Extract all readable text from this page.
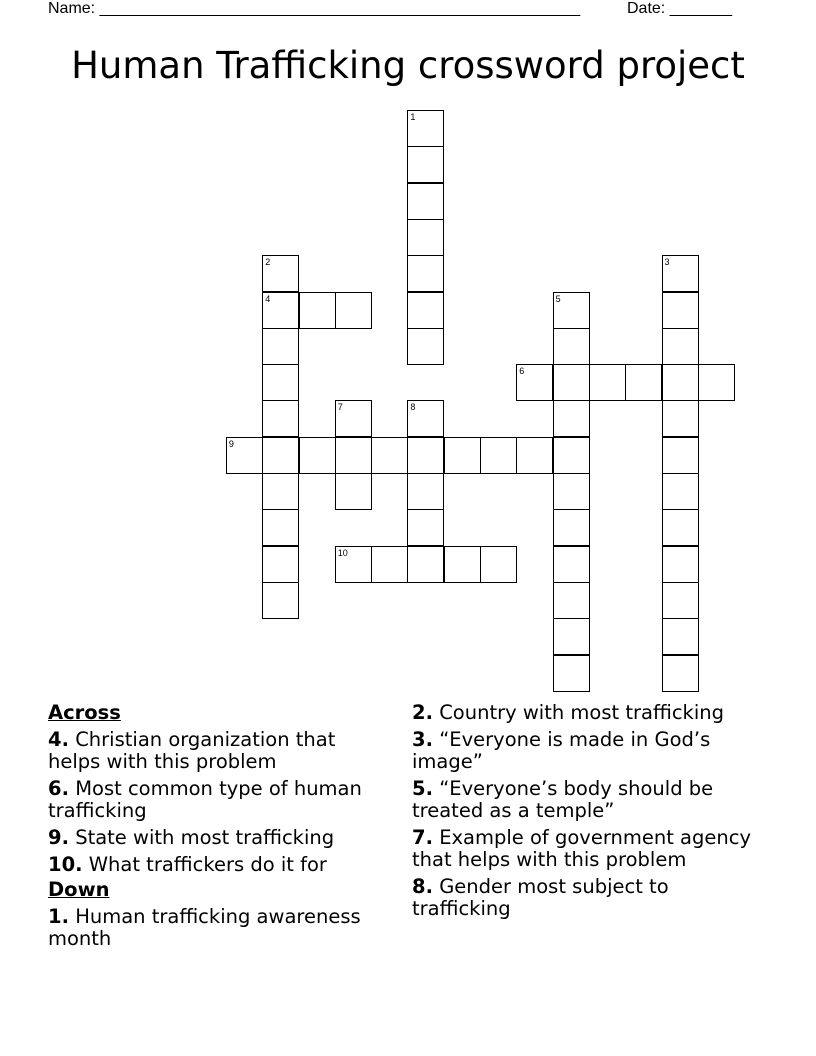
Name: ______________________________________________________

	Date: _______

Human Trafficking crossword project
1
2
4
3
5
6
7	8
9
10
Across
4. Christian organization that helps with this problem
6. Most common type of human trafficking
9. State with most trafficking
10. What traffickers do it for
Down
1. Human trafficking awareness month
2. Country with most trafficking
3. “Everyone is made in God’s image”
5. “Everyone’s body should be treated as a temple”
7. Example of government agency that helps with this problem
8. Gender most subject to trafficking
